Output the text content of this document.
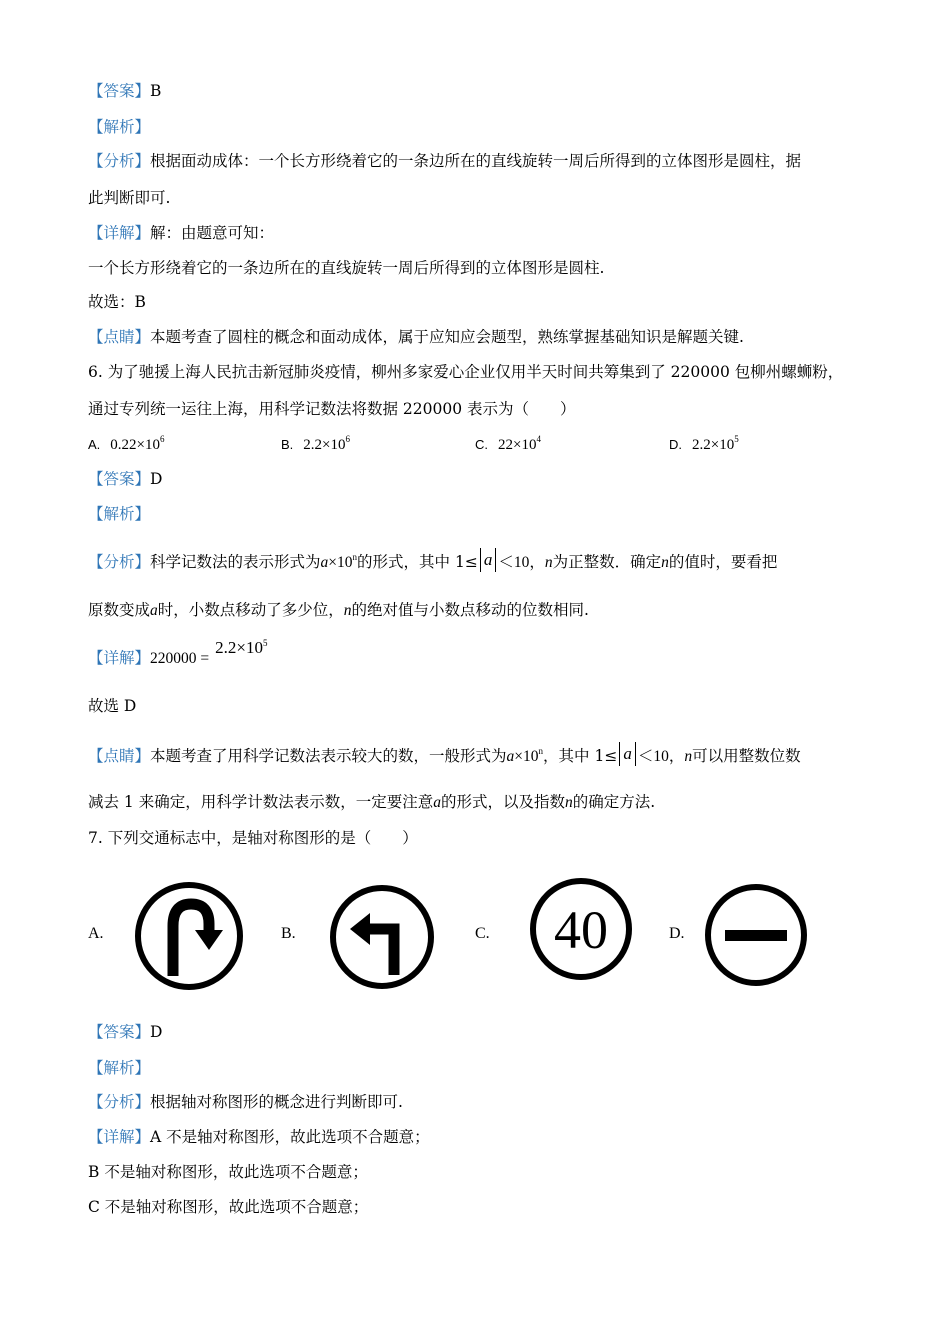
【答案】B
【解析】
【分析】根据面动成体：一个长方形绕着它的一条边所在的直线旋转一周后所得到的立体图形是圆柱，据
此判断即可.
【详解】解：由题意可知：
一个长方形绕着它的一条边所在的直线旋转一周后所得到的立体图形是圆柱.
故选：B
【点睛】本题考查了圆柱的概念和面动成体，属于应知应会题型，熟练掌握基础知识是解题关键.
6. 为了驰援上海人民抗击新冠肺炎疫情，柳州多家爱心企业仅用半天时间共筹集到了 220000 包柳州螺蛳粉，
通过专列统一运往上海，用科学记数法将数据 220000 表示为（　　）
A. $0.22\times 10^6$	B. $2.2\times 10^6$	C. $22\times 10^4$	D. $2.2\times 10^5$
【答案】D
【解析】
【分析】科学记数法的表示形式为$a\times 10^n$的形式，其中 1≤ a ＜10，n为正整数．确定n的值时，要看把
原数变成a时，小数点移动了多少位，n的绝对值与小数点移动的位数相同.
【详解】$220000 =2.2\times 10^5$
故选 D
【点睛】本题考查了用科学记数法表示较大的数，一般形式为$a\times 10^n$，其中 1≤ a ＜10，n可以用整数位数
减去 1 来确定，用科学计数法表示数，一定要注意a的形式，以及指数n的确定方法.
7. 下列交通标志中，是轴对称图形的是（　　）
A.	B.	C. 40	D.
【答案】D
【解析】
【分析】根据轴对称图形的概念进行判断即可.
【详解】A 不是轴对称图形，故此选项不合题意；
B 不是轴对称图形，故此选项不合题意；
C 不是轴对称图形，故此选项不合题意；
